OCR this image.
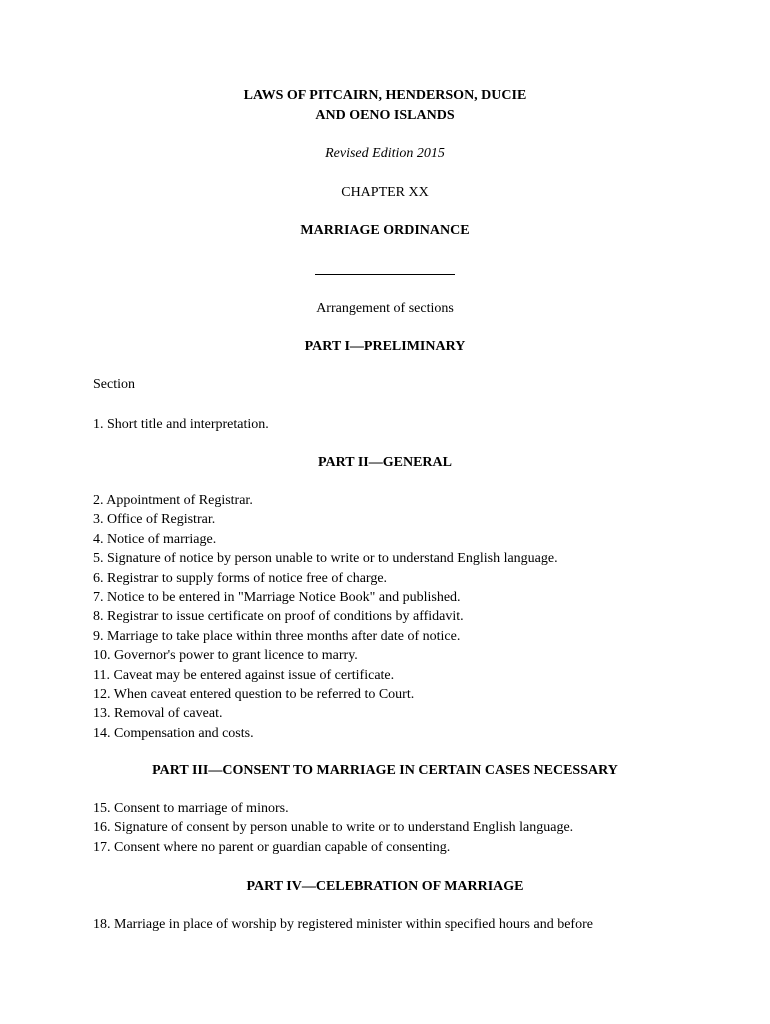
LAWS OF PITCAIRN, HENDERSON, DUCIE
AND OENO ISLANDS
Revised Edition 2015
CHAPTER XX
MARRIAGE ORDINANCE
Arrangement of sections
PART I—PRELIMINARY
Section
1. Short title and interpretation.
PART II—GENERAL
2. Appointment of Registrar.
3. Office of Registrar.
4. Notice of marriage.
5. Signature of notice by person unable to write or to understand English language.
6. Registrar to supply forms of notice free of charge.
7. Notice to be entered in "Marriage Notice Book" and published.
8. Registrar to issue certificate on proof of conditions by affidavit.
9. Marriage to take place within three months after date of notice.
10. Governor's power to grant licence to marry.
11. Caveat may be entered against issue of certificate.
12. When caveat entered question to be referred to Court.
13. Removal of caveat.
14. Compensation and costs.
PART III—CONSENT TO MARRIAGE IN CERTAIN CASES NECESSARY
15. Consent to marriage of minors.
16. Signature of consent by person unable to write or to understand English language.
17. Consent where no parent or guardian capable of consenting.
PART IV—CELEBRATION OF MARRIAGE
18. Marriage in place of worship by registered minister within specified hours and before
